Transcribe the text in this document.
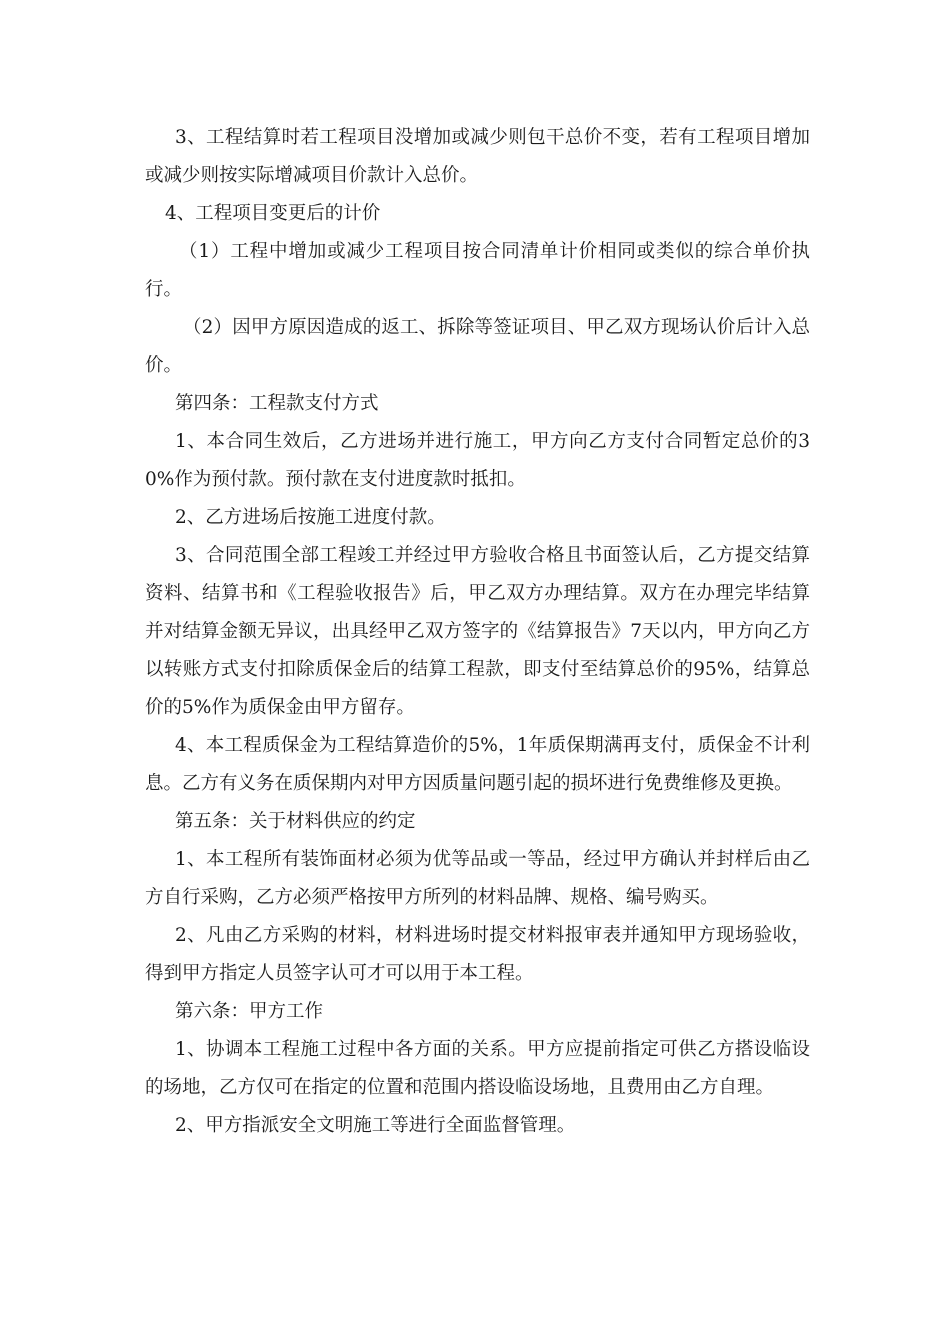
3、工程结算时若工程项目没增加或减少则包干总价不变，若有工程项目增加或减少则按实际增减项目价款计入总价。

4、工程项目变更后的计价

（1）工程中增加或减少工程项目按合同清单计价相同或类似的综合单价执行。

（2）因甲方原因造成的返工、拆除等签证项目、甲乙双方现场认价后计入总价。

第四条：工程款支付方式

1、本合同生效后，乙方进场并进行施工，甲方向乙方支付合同暂定总价的30%作为预付款。预付款在支付进度款时抵扣。

2、乙方进场后按施工进度付款。

3、合同范围全部工程竣工并经过甲方验收合格且书面签认后，乙方提交结算资料、结算书和《工程验收报告》后，甲乙双方办理结算。双方在办理完毕结算并对结算金额无异议，出具经甲乙双方签字的《结算报告》7天以内，甲方向乙方以转账方式支付扣除质保金后的结算工程款，即支付至结算总价的95%，结算总价的5%作为质保金由甲方留存。

4、本工程质保金为工程结算造价的5%，1年质保期满再支付，质保金不计利息。乙方有义务在质保期内对甲方因质量问题引起的损坏进行免费维修及更换。

第五条：关于材料供应的约定

1、本工程所有装饰面材必须为优等品或一等品，经过甲方确认并封样后由乙方自行采购，乙方必须严格按甲方所列的材料品牌、规格、编号购买。

2、凡由乙方采购的材料，材料进场时提交材料报审表并通知甲方现场验收，得到甲方指定人员签字认可才可以用于本工程。

第六条：甲方工作

1、协调本工程施工过程中各方面的关系。甲方应提前指定可供乙方搭设临设的场地，乙方仅可在指定的位置和范围内搭设临设场地，且费用由乙方自理。

2、甲方指派安全文明施工等进行全面监督管理。
